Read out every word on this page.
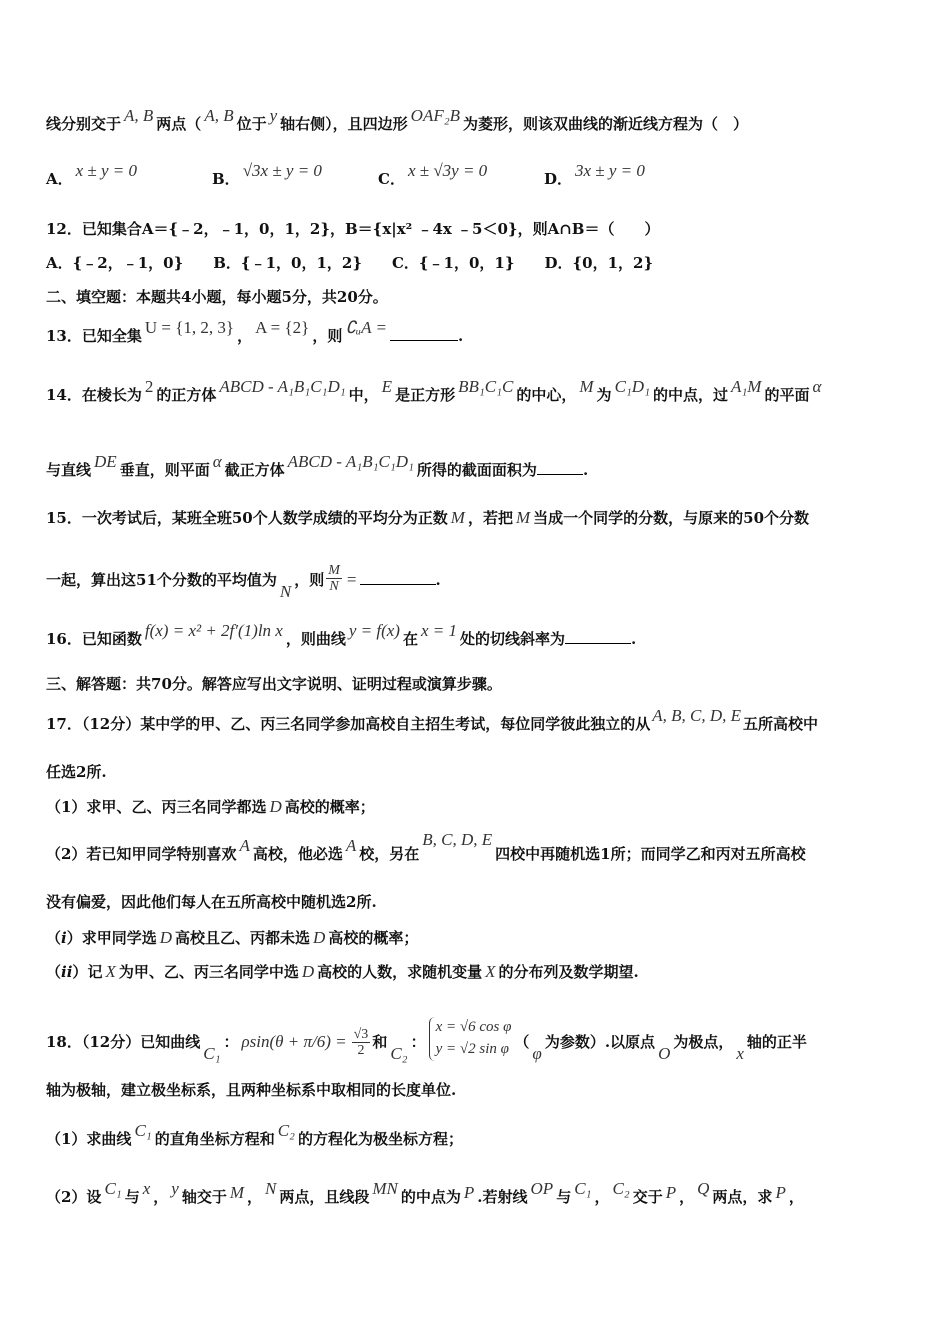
线分别交于 A, B 两点（ A, B 位于 y 轴右侧），且四边形 OAF₂B 为菱形，则该双曲线的渐近线方程为（　）
A． x ± y = 0	B． √3x ± y = 0	C． x ± √3y = 0	D． 3x ± y = 0
12．已知集合A＝{﹣2，﹣1，0，1，2}，B＝{x|x² ﹣4x ﹣5＜0}，则A∩B＝（　　）
A．{﹣2，﹣1，0}　　B．{﹣1，0，1，2}　　C．{﹣1，0，1}　　D．{0，1，2}
二、填空题：本题共4小题，每小题5分，共20分。
13．已知全集 U = {1, 2, 3} ， A = {2} ，则 ∁ᵤA =	.
14．在棱长为 2 的正方体 ABCD - A₁B₁C₁D₁ 中， E 是正方形 BB₁C₁C 的中心， M 为 C₁D₁ 的中点，过 A₁M 的平面 α
与直线 DE 垂直，则平面 α 截正方体 ABCD - A₁B₁C₁D₁ 所得的截面面积为	.
15．一次考试后，某班全班50个人数学成绩的平均分为正数 M ，若把 M 当成一个同学的分数，与原来的50个分数
一起，算出这51个分数的平均值为N，则 $\frac{M}{N}$ =	.
16．已知函数 f(x) = x² + 2f′(1)ln x ，则曲线 y = f(x) 在 x = 1 处的切线斜率为	.
三、解答题：共70分。解答应写出文字说明、证明过程或演算步骤。
17．（12分）某中学的甲、乙、丙三名同学参加高校自主招生考试，每位同学彼此独立的从 A, B, C, D, E 五所高校中
任选2所.
（1）求甲、乙、丙三名同学都选 D 高校的概率；
（2）若已知甲同学特别喜欢 A 高校，他必选 A 校，另在B, C, D, E四校中再随机选1所；而同学乙和丙对五所高校
没有偏爱，因此他们每人在五所高校中随机选2所.
（i）求甲同学选 D 高校且乙、丙都未选 D 高校的概率；
（ii）记 X 为甲、乙、丙三名同学中选 D 高校的人数，求随机变量 X 的分布列及数学期望.
18．（12分）已知曲线C₁： $\rho\sin(\theta + \pi/6) = \frac{√3}{2}$ 和C₂：
x = √6 cos φ
y = √2 sin φ （φ为参数）.以原点O为极点，x轴的正半
轴为极轴，建立极坐标系，且两种坐标系中取相同的长度单位.
（1）求曲线 C₁ 的直角坐标方程和 C₂ 的方程化为极坐标方程；
（2）设 C₁ 与 x ， y 轴交于 M ， N 两点，且线段 MN 的中点为 P .若射线 OP 与 C₁ ， C₂ 交于 P ， Q 两点，求 P ，
